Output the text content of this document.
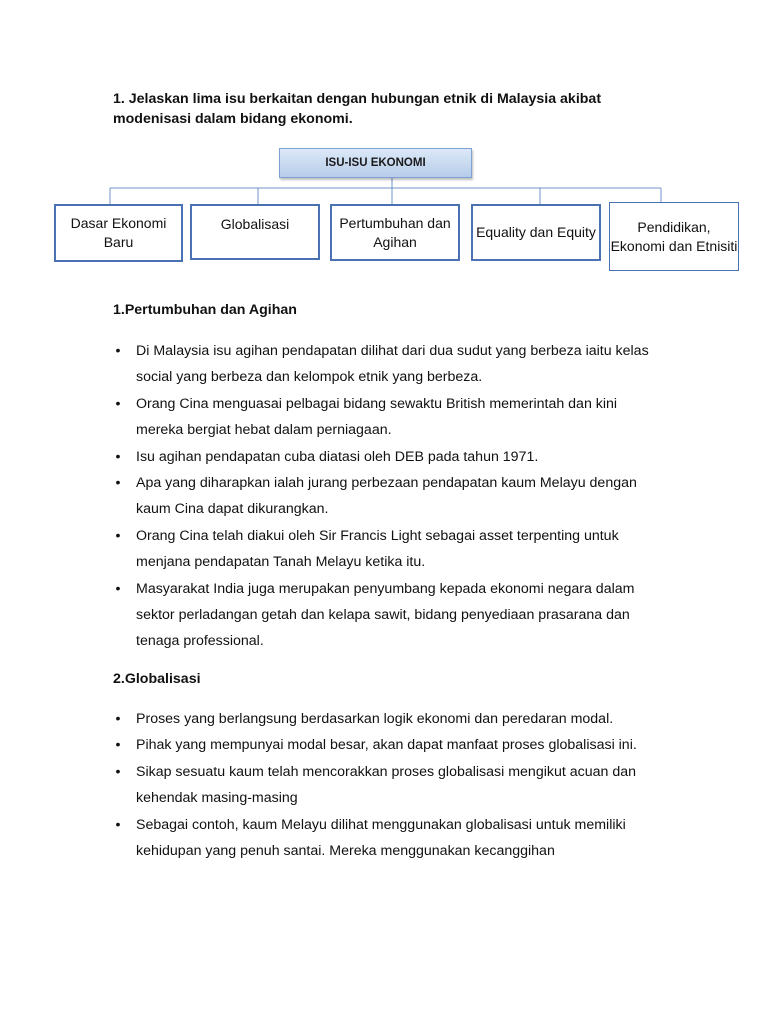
1. Jelaskan lima isu berkaitan dengan hubungan etnik di Malaysia akibat modenisasi dalam bidang ekonomi.
ISU-ISU EKONOMI
Dasar Ekonomi Baru
Globalisasi	Pertumbuhan dan Agihan
Equality dan Equity	Pendidikan, Ekonomi dan Etnisiti
1.Pertumbuhan dan Agihan
• Di Malaysia isu agihan pendapatan dilihat dari dua sudut yang berbeza iaitu kelas social yang berbeza dan kelompok etnik yang berbeza.
• Orang Cina menguasai pelbagai bidang sewaktu British memerintah dan kini mereka bergiat hebat dalam perniagaan.
• Isu agihan pendapatan cuba diatasi oleh DEB pada tahun 1971.
• Apa yang diharapkan ialah jurang perbezaan pendapatan kaum Melayu dengan kaum Cina dapat dikurangkan.
• Orang Cina telah diakui oleh Sir Francis Light sebagai asset terpenting untuk menjana pendapatan Tanah Melayu ketika itu.
• Masyarakat India juga merupakan penyumbang kepada ekonomi negara dalam sektor perladangan getah dan kelapa sawit, bidang penyediaan prasarana dan tenaga professional.
2.Globalisasi
• Proses yang berlangsung berdasarkan logik ekonomi dan peredaran modal.
• Pihak yang mempunyai modal besar, akan dapat manfaat proses globalisasi ini.
• Sikap sesuatu kaum telah mencorakkan proses globalisasi mengikut acuan dan kehendak masing-masing
• Sebagai contoh, kaum Melayu dilihat menggunakan globalisasi untuk memiliki kehidupan yang penuh santai. Mereka menggunakan kecanggihan
